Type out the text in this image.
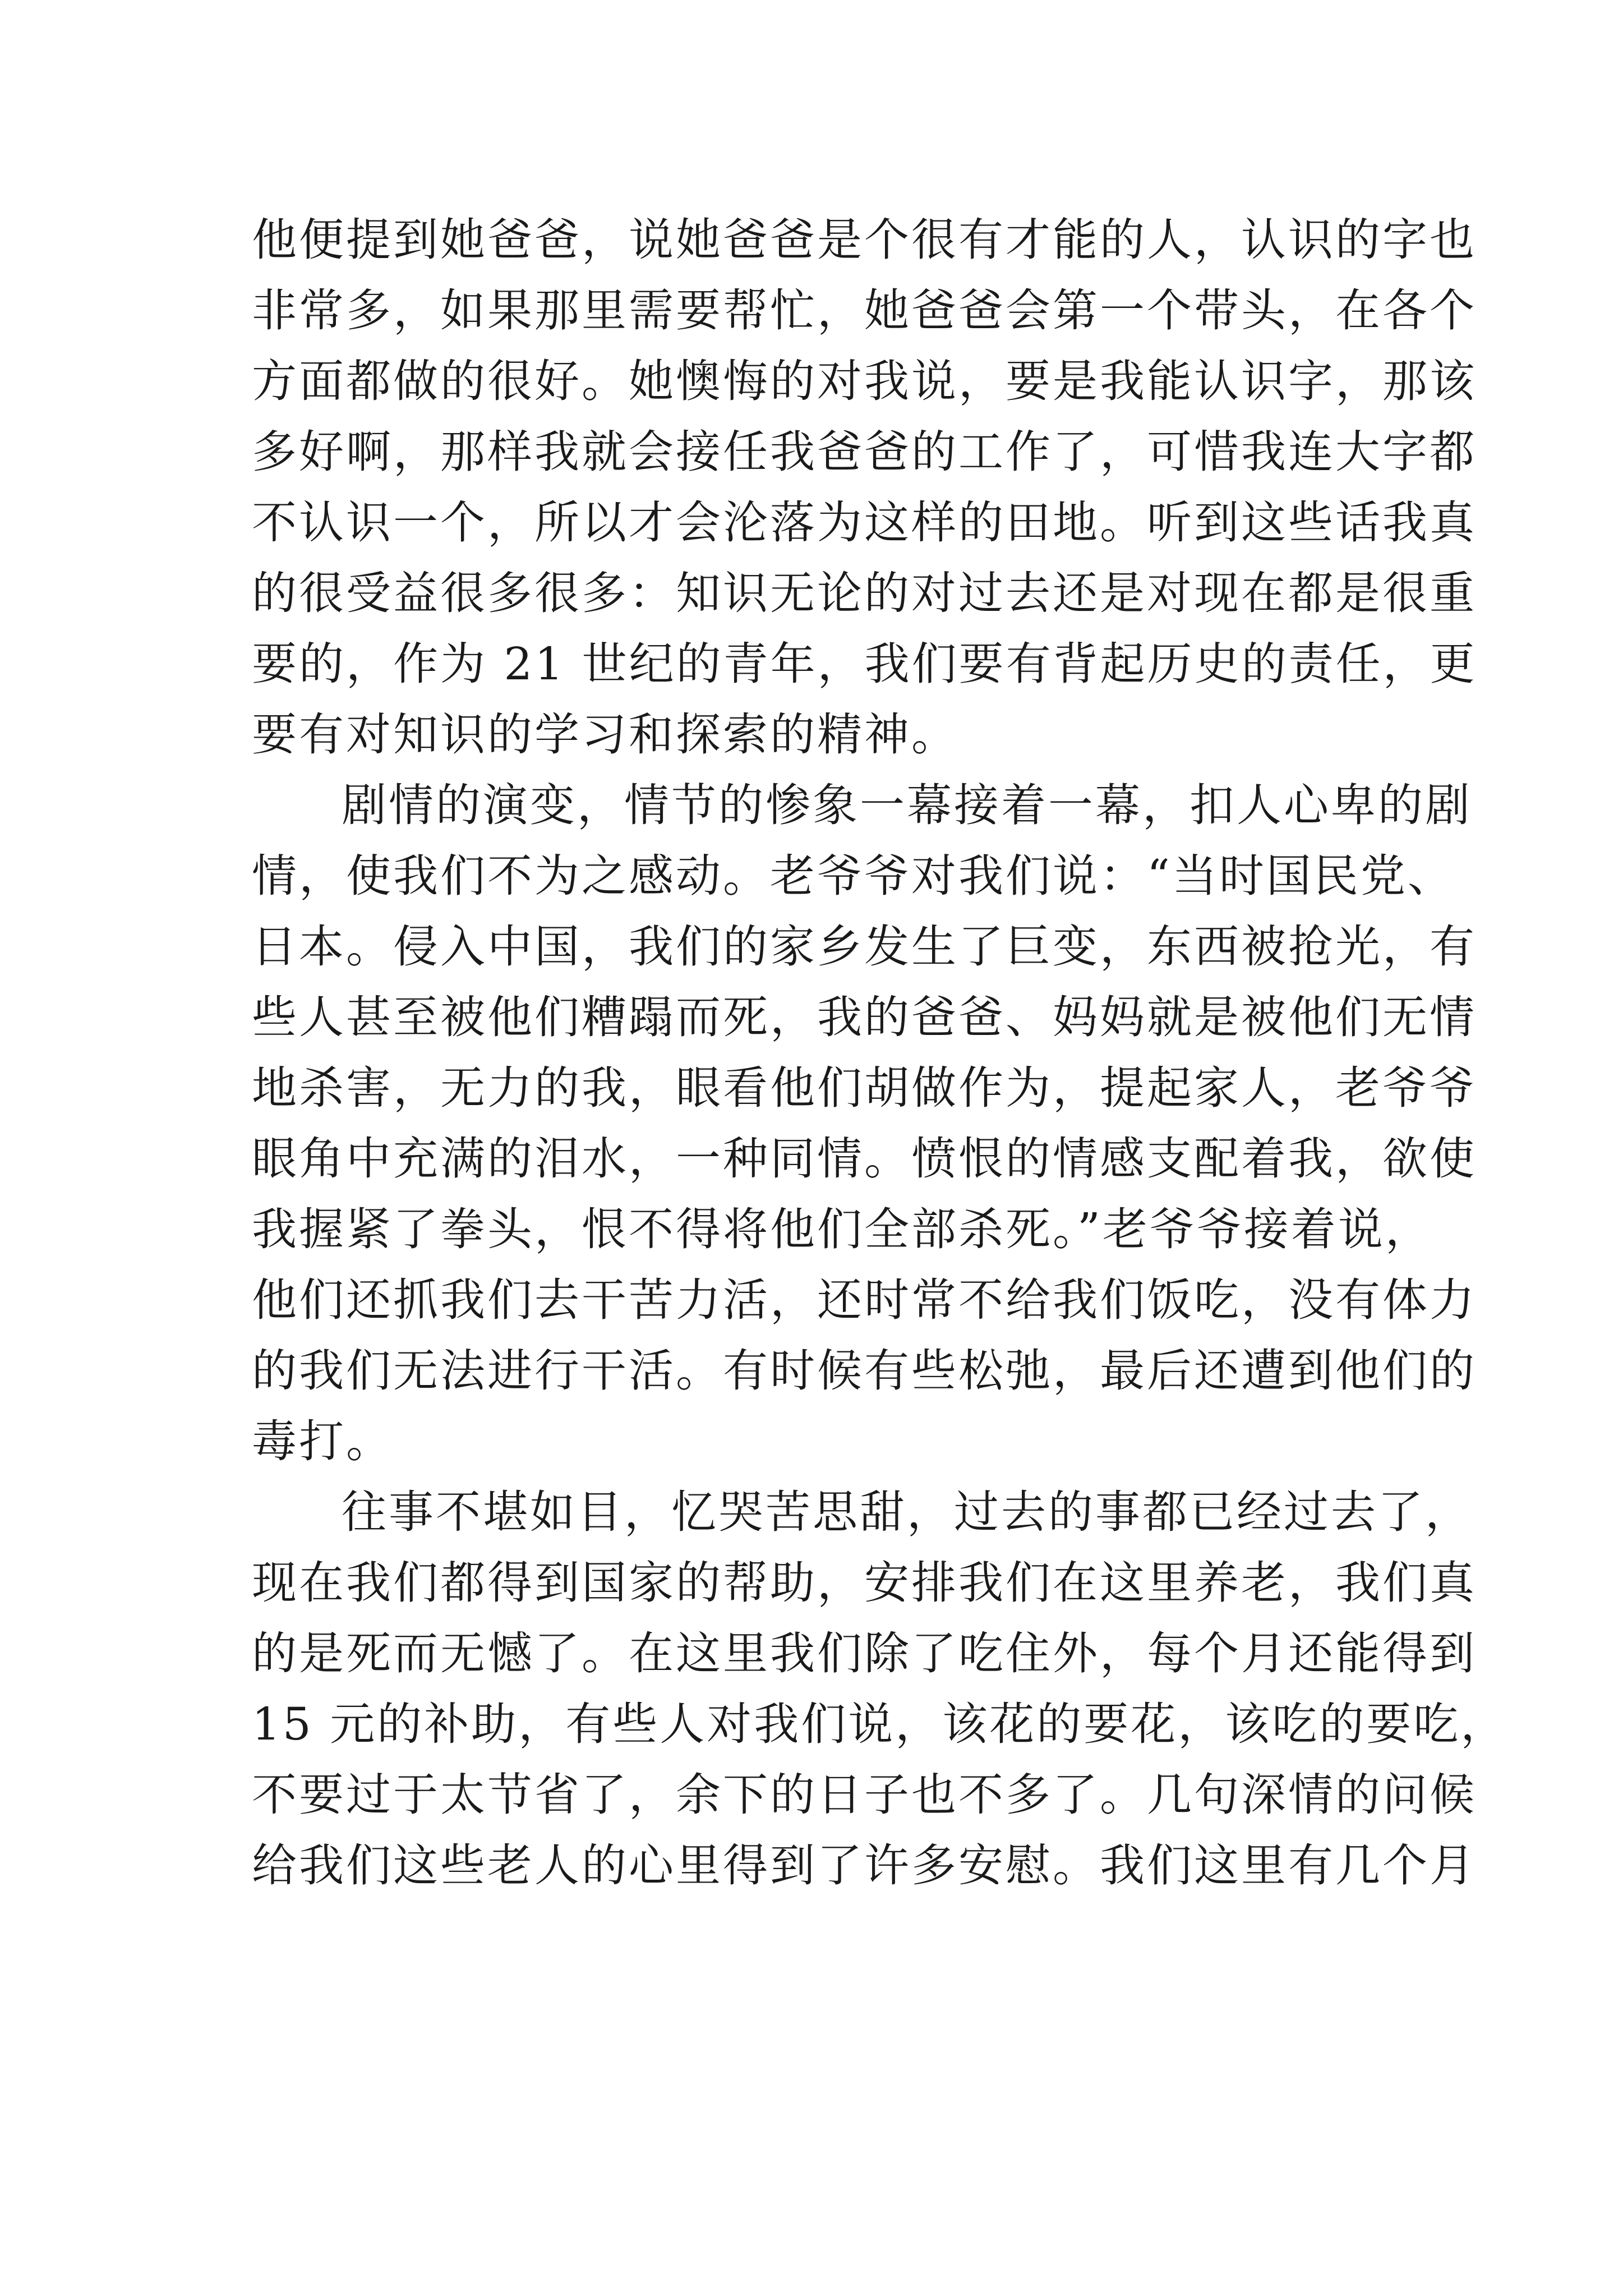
他便提到她爸爸，说她爸爸是个很有才能的人，认识的字也
非常多，如果那里需要帮忙，她爸爸会第一个带头，在各个
方面都做的很好。她懊悔的对我说，要是我能认识字，那该
多好啊，那样我就会接任我爸爸的工作了，可惜我连大字都
不认识一个，所以才会沦落为这样的田地。听到这些话我真
的很受益很多很多：知识无论的对过去还是对现在都是很重
要的，作为 21 世纪的青年，我们要有背起历史的责任，更
要有对知识的学习和探索的精神。
剧情的演变，情节的惨象一幕接着一幕，扣人心卑的剧
情，使我们不为之感动。老爷爷对我们说：“当时国民党、
日本。侵入中国，我们的家乡发生了巨变，东西被抢光，有
些人甚至被他们糟蹋而死，我的爸爸、妈妈就是被他们无情
地杀害，无力的我，眼看他们胡做作为，提起家人，老爷爷
眼角中充满的泪水，一种同情。愤恨的情感支配着我，欲使
我握紧了拳头，恨不得将他们全部杀死。”老爷爷接着说，
他们还抓我们去干苦力活，还时常不给我们饭吃，没有体力
的我们无法进行干活。有时候有些松弛，最后还遭到他们的
毒打。
往事不堪如目，忆哭苦思甜，过去的事都已经过去了，
现在我们都得到国家的帮助，安排我们在这里养老，我们真
的是死而无憾了。在这里我们除了吃住外，每个月还能得到
15 元的补助，有些人对我们说，该花的要花，该吃的要吃，
不要过于太节省了，余下的日子也不多了。几句深情的问候
给我们这些老人的心里得到了许多安慰。我们这里有几个月
